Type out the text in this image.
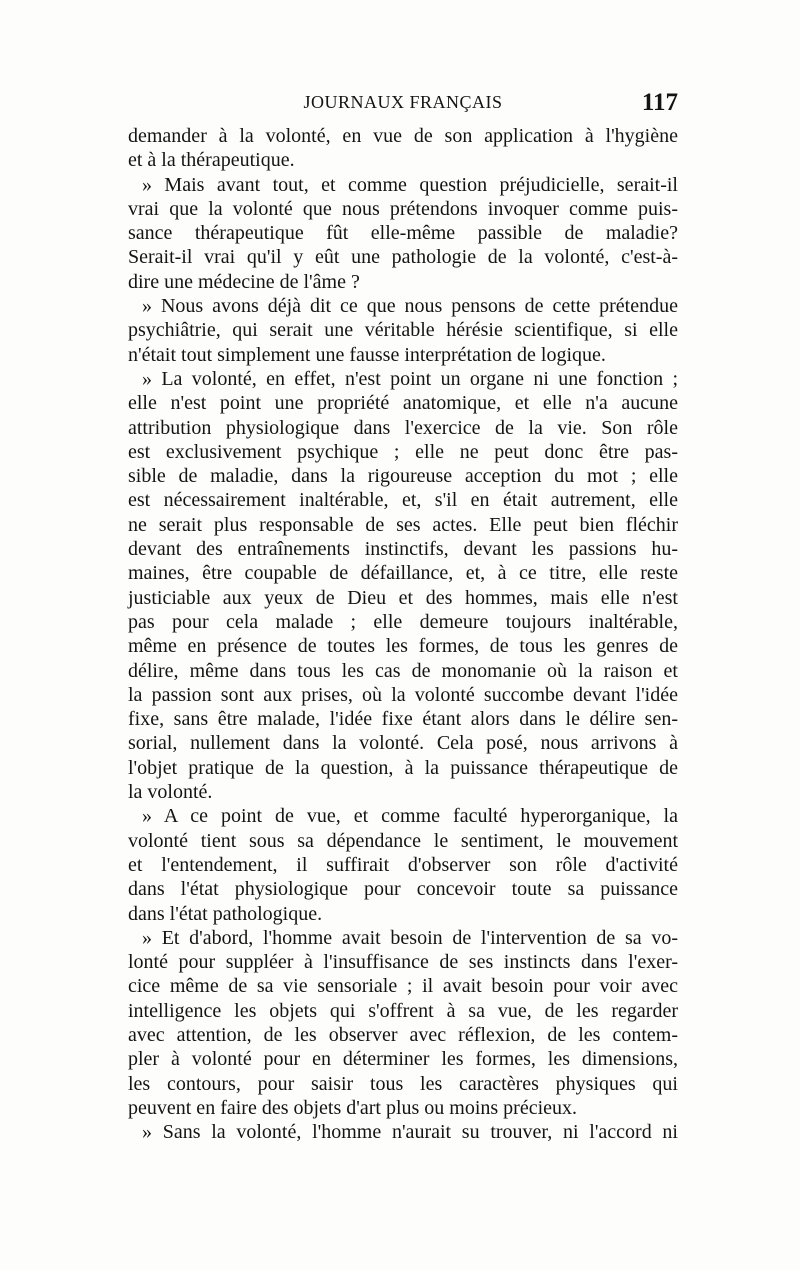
JOURNAUX FRANÇAIS	117
demander à la volonté, en vue de son application à l'hygiène
et à la thérapeutique.
» Mais avant tout, et comme question préjudicielle, serait-il
vrai que la volonté que nous prétendons invoquer comme puis-
sance thérapeutique fût elle-même passible de maladie?
Serait-il vrai qu'il y eût une pathologie de la volonté, c'est-à-
dire une médecine de l'âme ?
» Nous avons déjà dit ce que nous pensons de cette prétendue
psychiâtrie, qui serait une véritable hérésie scientifique, si elle
n'était tout simplement une fausse interprétation de logique.
» La volonté, en effet, n'est point un organe ni une fonction ;
elle n'est point une propriété anatomique, et elle n'a aucune
attribution physiologique dans l'exercice de la vie. Son rôle
est exclusivement psychique ; elle ne peut donc être pas-
sible de maladie, dans la rigoureuse acception du mot ; elle
est nécessairement inaltérable, et, s'il en était autrement, elle
ne serait plus responsable de ses actes. Elle peut bien fléchir
devant des entraînements instinctifs, devant les passions hu-
maines, être coupable de défaillance, et, à ce titre, elle reste
justiciable aux yeux de Dieu et des hommes, mais elle n'est
pas pour cela malade ; elle demeure toujours inaltérable,
même en présence de toutes les formes, de tous les genres de
délire, même dans tous les cas de monomanie où la raison et
la passion sont aux prises, où la volonté succombe devant l'idée
fixe, sans être malade, l'idée fixe étant alors dans le délire sen-
sorial, nullement dans la volonté. Cela posé, nous arrivons à
l'objet pratique de la question, à la puissance thérapeutique de
la volonté.
» A ce point de vue, et comme faculté hyperorganique, la
volonté tient sous sa dépendance le sentiment, le mouvement
et l'entendement, il suffirait d'observer son rôle d'activité
dans l'état physiologique pour concevoir toute sa puissance
dans l'état pathologique.
» Et d'abord, l'homme avait besoin de l'intervention de sa vo-
lonté pour suppléer à l'insuffisance de ses instincts dans l'exer-
cice même de sa vie sensoriale ; il avait besoin pour voir avec
intelligence les objets qui s'offrent à sa vue, de les regarder
avec attention, de les observer avec réflexion, de les contem-
pler à volonté pour en déterminer les formes, les dimensions,
les contours, pour saisir tous les caractères physiques qui
peuvent en faire des objets d'art plus ou moins précieux.
» Sans la volonté, l'homme n'aurait su trouver, ni l'accord ni
